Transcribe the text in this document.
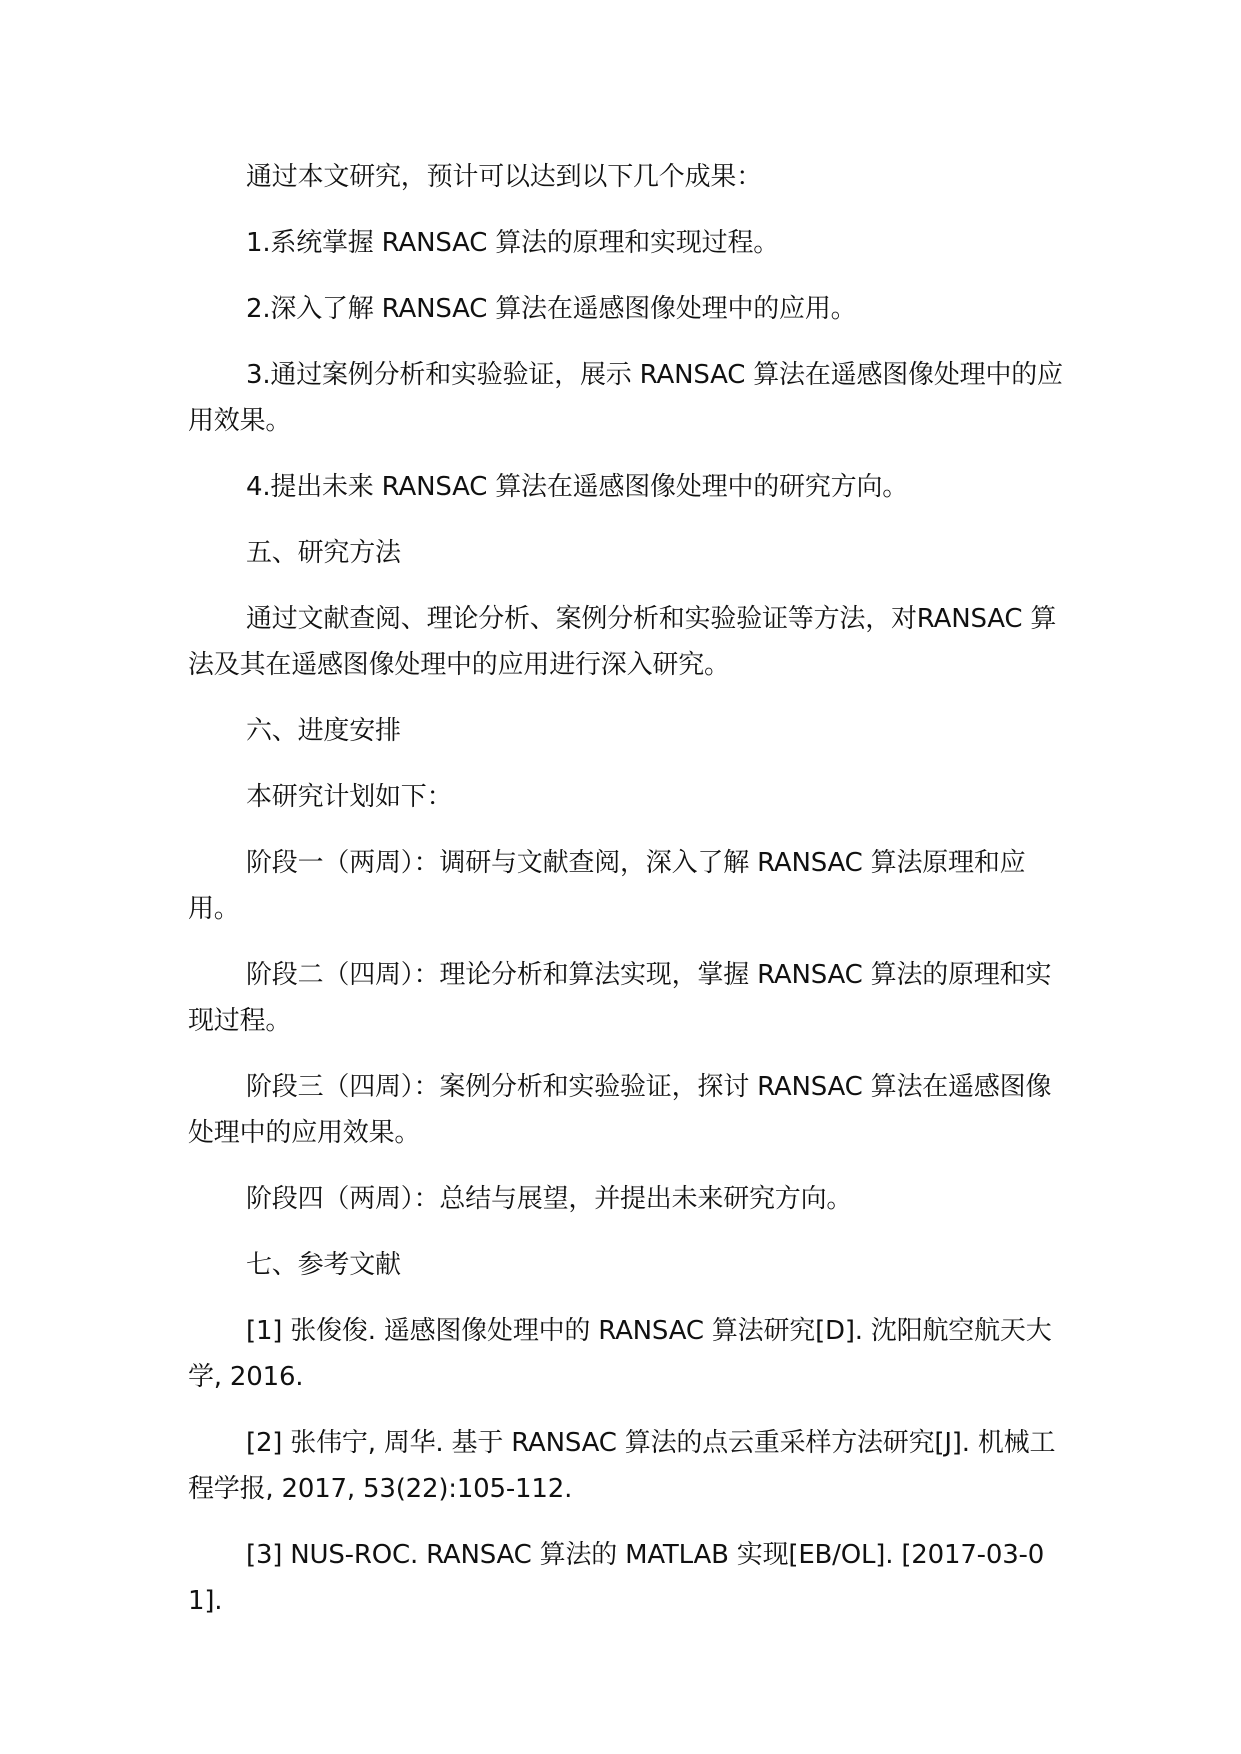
通过本文研究，预计可以达到以下几个成果：

1.系统掌握 RANSAC 算法的原理和实现过程。

2.深入了解 RANSAC 算法在遥感图像处理中的应用。

3.通过案例分析和实验验证，展示 RANSAC 算法在遥感图像处理中的应用效果。

4.提出未来 RANSAC 算法在遥感图像处理中的研究方向。

五、研究方法

通过文献查阅、理论分析、案例分析和实验验证等方法，对RANSAC 算法及其在遥感图像处理中的应用进行深入研究。

六、进度安排

本研究计划如下：

阶段一（两周）：调研与文献查阅，深入了解 RANSAC 算法原理和应用。

阶段二（四周）：理论分析和算法实现，掌握 RANSAC 算法的原理和实现过程。

阶段三（四周）：案例分析和实验验证，探讨 RANSAC 算法在遥感图像处理中的应用效果。

阶段四（两周）：总结与展望，并提出未来研究方向。

七、参考文献

[1] 张俊俊. 遥感图像处理中的 RANSAC 算法研究[D]. 沈阳航空航天大学, 2016.

[2] 张伟宁, 周华. 基于 RANSAC 算法的点云重采样方法研究[J]. 机械工程学报, 2017, 53(22):105-112.

[3] NUS-ROC. RANSAC 算法的 MATLAB 实现[EB/OL]. [2017-03-01].
